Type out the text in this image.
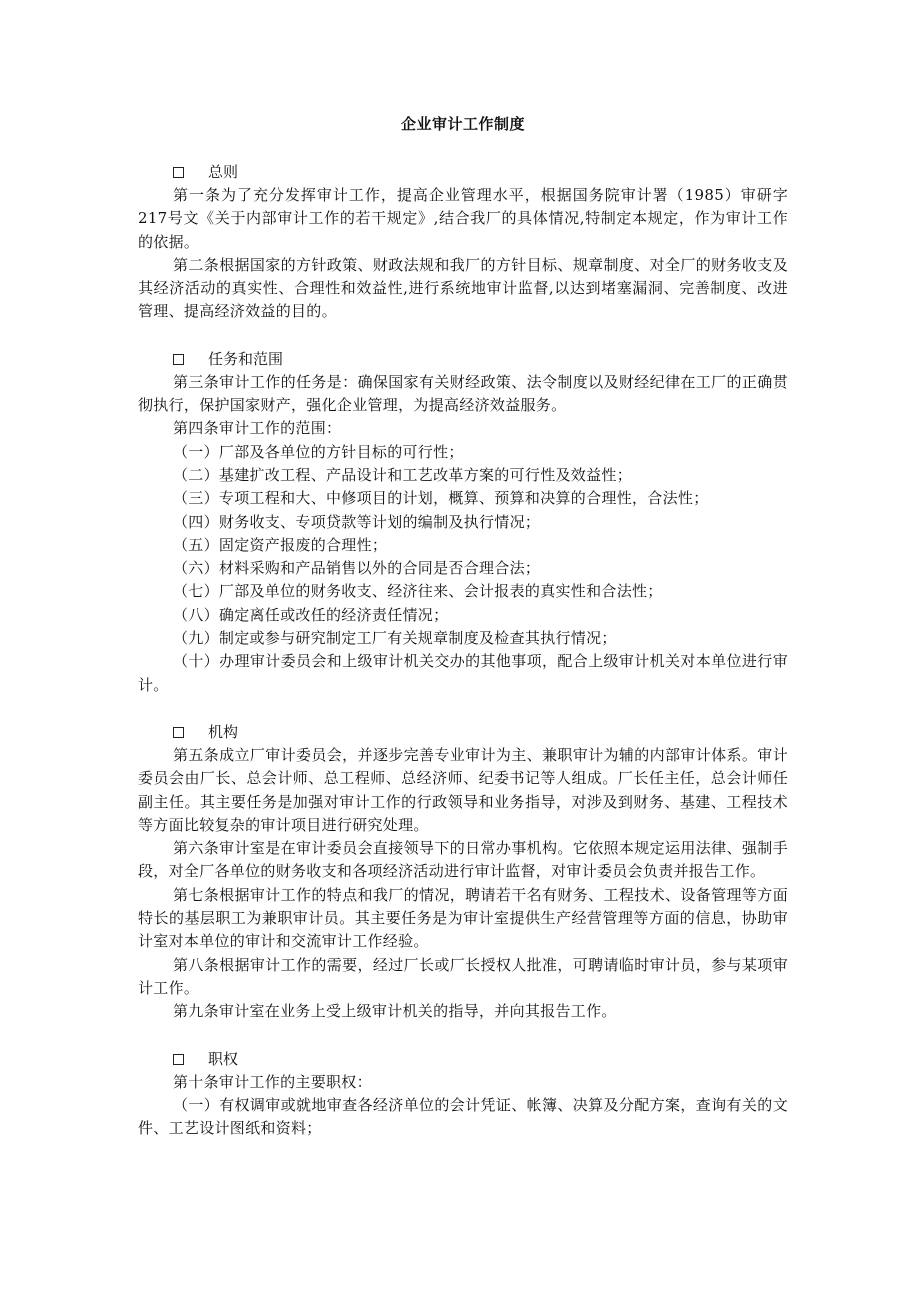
企业审计工作制度
总则

第一条为了充分发挥审计工作，提高企业管理水平，根据国务院审计署（1985）审研字217号文《关于内部审计工作的若干规定》,结合我厂的具体情况,特制定本规定，作为审计工作的依据。

第二条根据国家的方针政策、财政法规和我厂的方针目标、规章制度、对全厂的财务收支及其经济活动的真实性、合理性和效益性,进行系统地审计监督,以达到堵塞漏洞、完善制度、改进管理、提高经济效益的目的。

任务和范围

第三条审计工作的任务是：确保国家有关财经政策、法令制度以及财经纪律在工厂的正确贯彻执行，保护国家财产，强化企业管理，为提高经济效益服务。

第四条审计工作的范围：

（一）厂部及各单位的方针目标的可行性；

（二）基建扩改工程、产品设计和工艺改革方案的可行性及效益性；

（三）专项工程和大、中修项目的计划，概算、预算和决算的合理性，合法性；

（四）财务收支、专项贷款等计划的编制及执行情况；

（五）固定资产报废的合理性；

（六）材料采购和产品销售以外的合同是否合理合法；

（七）厂部及单位的财务收支、经济往来、会计报表的真实性和合法性；

（八）确定离任或改任的经济责任情况；

（九）制定或参与研究制定工厂有关规章制度及检查其执行情况；

（十）办理审计委员会和上级审计机关交办的其他事项，配合上级审计机关对本单位进行审计。

机构

第五条成立厂审计委员会，并逐步完善专业审计为主、兼职审计为辅的内部审计体系。审计委员会由厂长、总会计师、总工程师、总经济师、纪委书记等人组成。厂长任主任，总会计师任副主任。其主要任务是加强对审计工作的行政领导和业务指导，对涉及到财务、基建、工程技术等方面比较复杂的审计项目进行研究处理。

第六条审计室是在审计委员会直接领导下的日常办事机构。它依照本规定运用法律、强制手段，对全厂各单位的财务收支和各项经济活动进行审计监督，对审计委员会负责并报告工作。

第七条根据审计工作的特点和我厂的情况，聘请若干名有财务、工程技术、设备管理等方面特长的基层职工为兼职审计员。其主要任务是为审计室提供生产经营管理等方面的信息，协助审计室对本单位的审计和交流审计工作经验。

第八条根据审计工作的需要，经过厂长或厂长授权人批准，可聘请临时审计员，参与某项审计工作。

第九条审计室在业务上受上级审计机关的指导，并向其报告工作。

职权

第十条审计工作的主要职权：

（一）有权调审或就地审查各经济单位的会计凭证、帐簿、决算及分配方案，查询有关的文件、工艺设计图纸和资料；
